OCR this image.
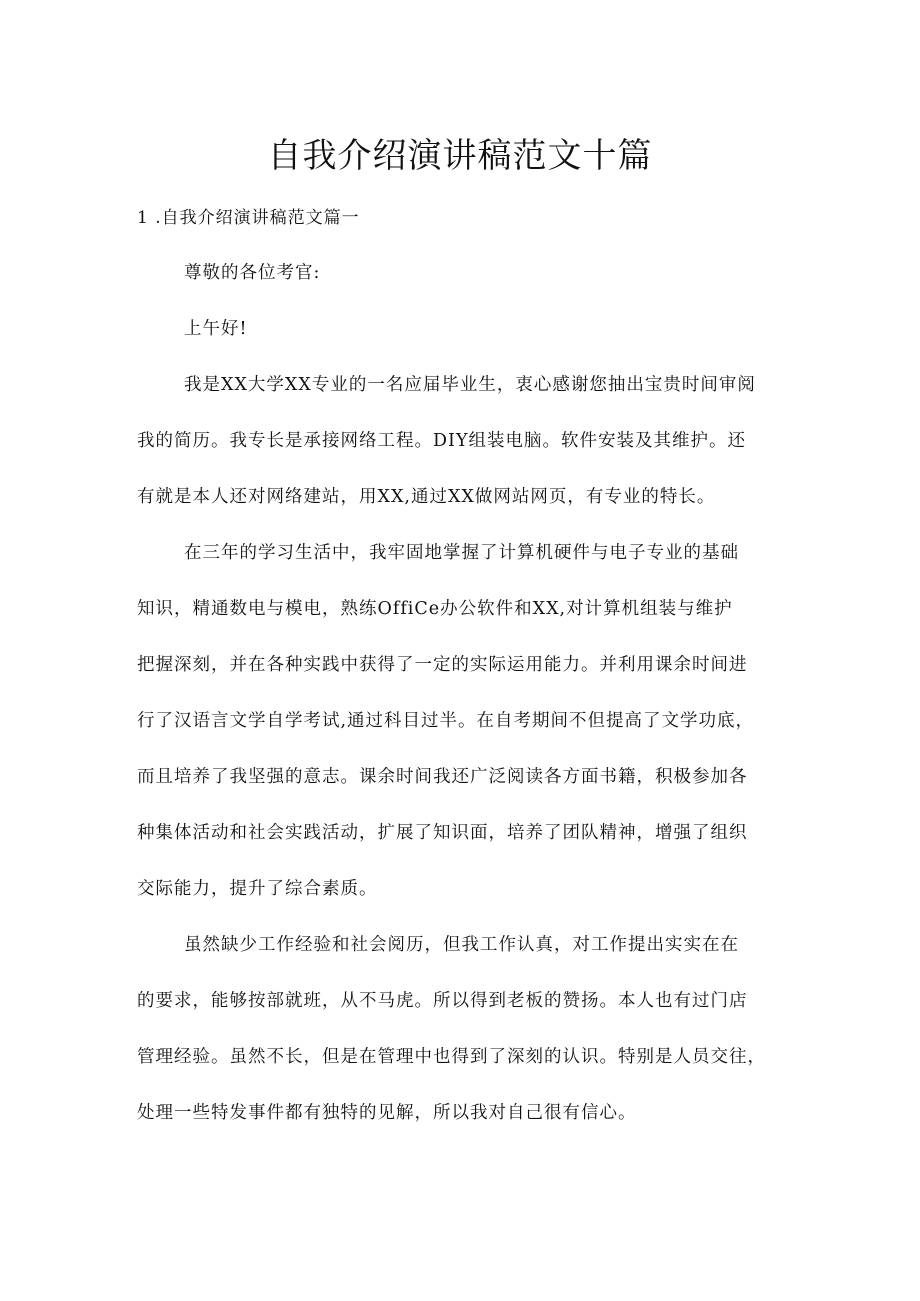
自我介绍演讲稿范文十篇
1 .自我介绍演讲稿范文篇一

尊敬的各位考官:

上午好!

我是XX大学XX专业的一名应届毕业生，衷心感谢您抽出宝贵时间审阅

我的简历。我专长是承接网络工程。DIY组装电脑。软件安装及其维护。还

有就是本人还对网络建站，用XX,通过XX做网站网页，有专业的特长。

在三年的学习生活中，我牢固地掌握了计算机硬件与电子专业的基础

知识，精通数电与模电，熟练OffiCe办公软件和XX,对计算机组装与维护

把握深刻，并在各种实践中获得了一定的实际运用能力。并利用课余时间进

行了汉语言文学自学考试,通过科目过半。在自考期间不但提高了文学功底，

而且培养了我坚强的意志。课余时间我还广泛阅读各方面书籍，积极参加各

种集体活动和社会实践活动，扩展了知识面，培养了团队精神，增强了组织

交际能力，提升了综合素质。

虽然缺少工作经验和社会阅历，但我工作认真，对工作提出实实在在

的要求，能够按部就班，从不马虎。所以得到老板的赞扬。本人也有过门店

管理经验。虽然不长，但是在管理中也得到了深刻的认识。特别是人员交往，

处理一些特发事件都有独特的见解，所以我对自己很有信心。
